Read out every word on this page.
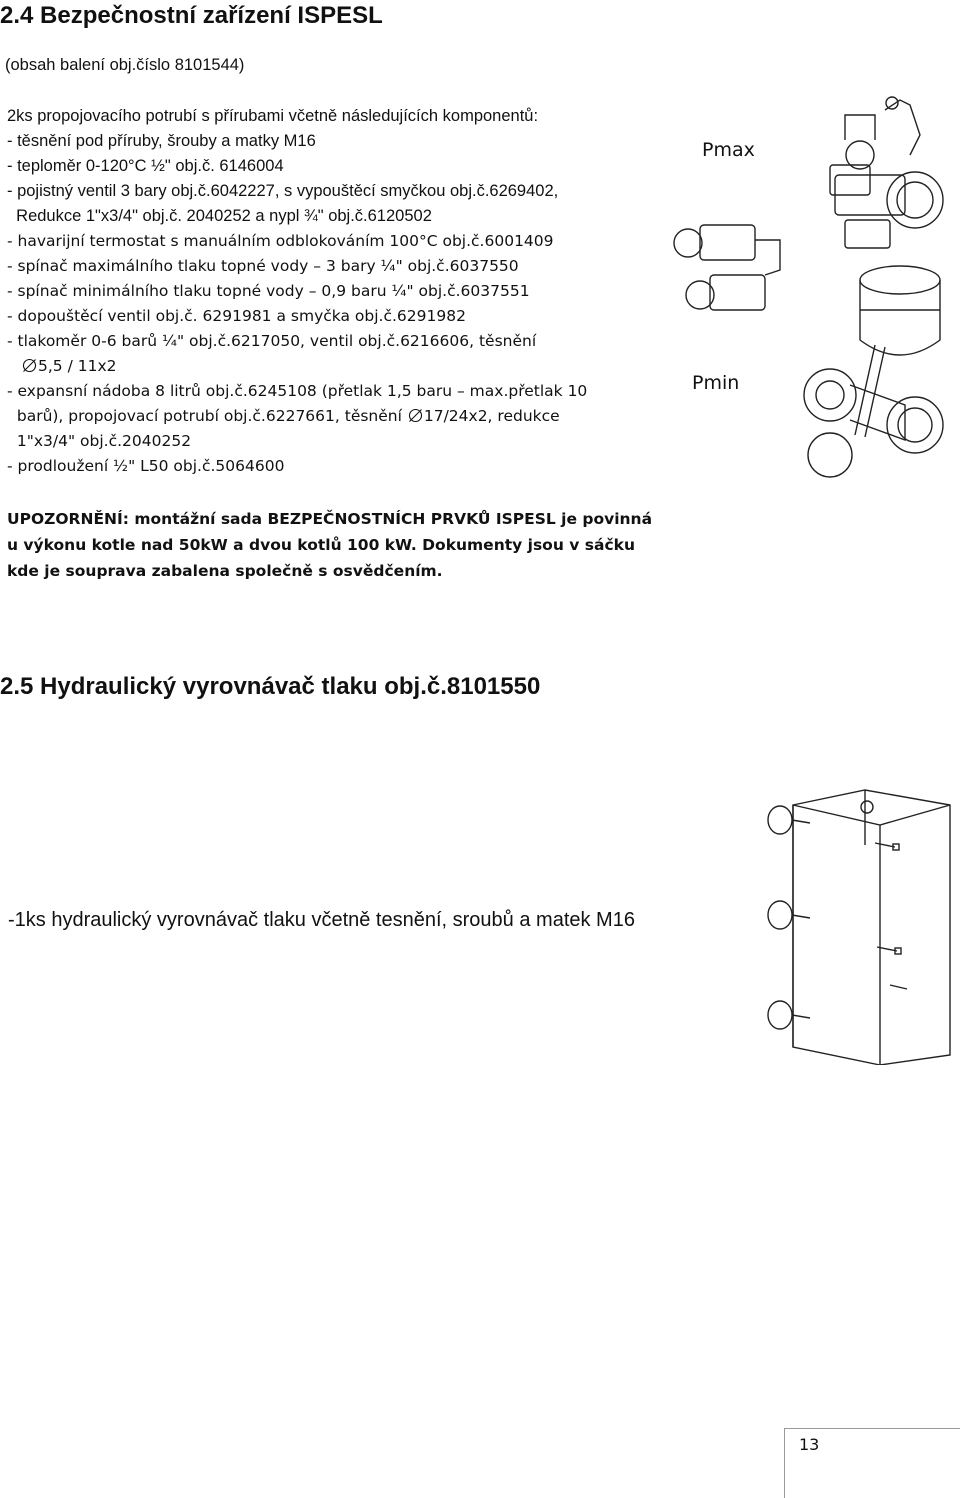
2.4 Bezpečnostní zařízení ISPESL
(obsah balení obj.číslo 8101544)
2ks propojovacího potrubí s přírubami včetně následujících komponentů:
- těsnění pod příruby, šrouby a matky M16
- teploměr 0-120°C ½" obj.č. 6146004
- pojistný ventil 3 bary obj.č.6042227, s vypouštěcí smyčkou obj.č.6269402,
Redukce 1"x3/4" obj.č. 2040252 a nypl ¾" obj.č.6120502
- havarijní termostat s manuálním odblokováním 100°C obj.č.6001409
- spínač maximálního tlaku topné vody – 3 bary ¼" obj.č.6037550
- spínač minimálního tlaku topné vody – 0,9 baru ¼" obj.č.6037551
- dopouštěcí ventil obj.č. 6291981 a smyčka obj.č.6291982
- tlakoměr 0-6 barů ¼" obj.č.6217050, ventil obj.č.6216606, těsnění
5,5 / 11x2
- expansní nádoba 8 litrů obj.č.6245108 (přetlak 1,5 baru – max.přetlak 10
barů), propojovací potrubí obj.č.6227661, těsnění 17/24x2, redukce
1"x3/4" obj.č.2040252
- prodloužení ½" L50 obj.č.5064600
Pmax
Pmin
UPOZORNĚNÍ: montážní sada BEZPEČNOSTNÍCH PRVKŮ ISPESL je povinná u výkonu kotle nad 50kW a dvou kotlů 100 kW. Dokumenty jsou v sáčku kde je souprava zabalena společně s osvědčením.
2.5 Hydraulický vyrovnávač tlaku obj.č.8101550
-1ks hydraulický vyrovnávač tlaku včetně tesnění, sroubů a matek M16
13
